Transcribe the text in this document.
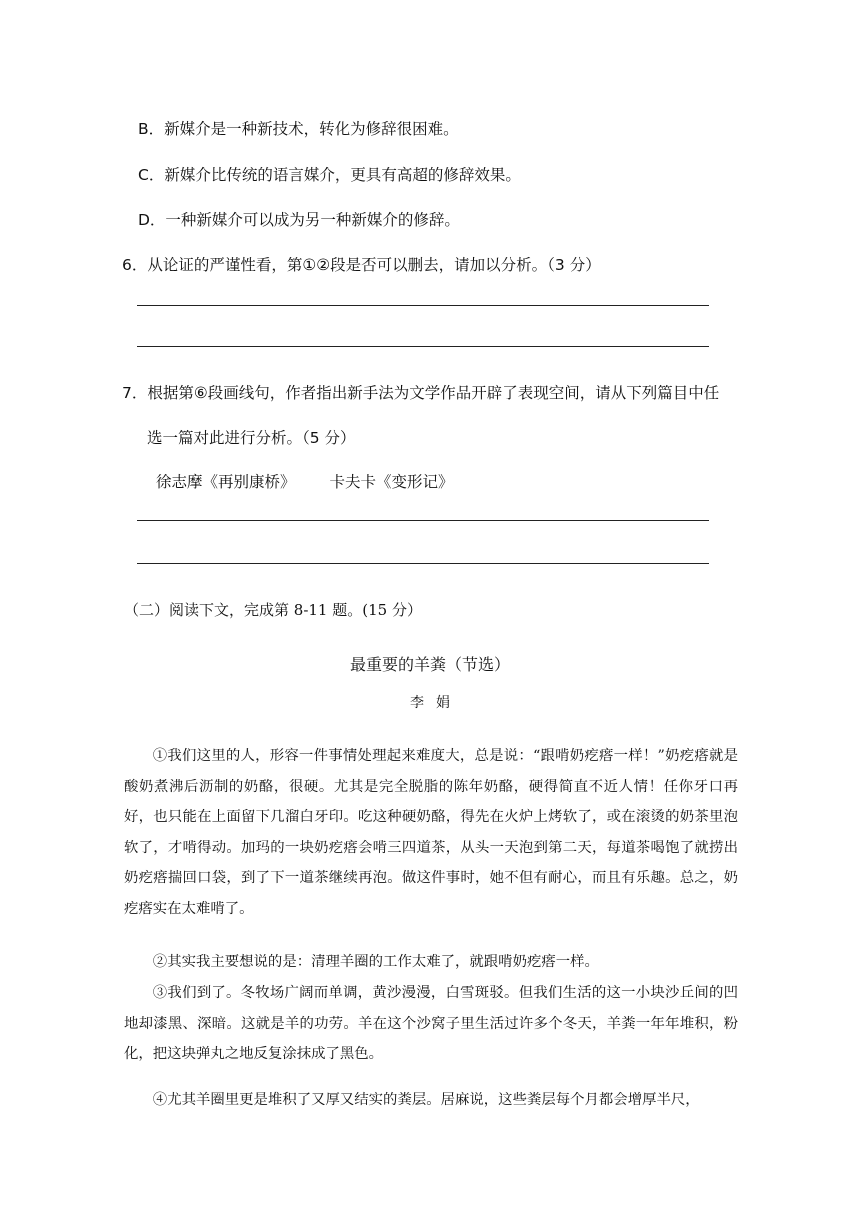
B．新媒介是一种新技术，转化为修辞很困难。
C．新媒介比传统的语言媒介，更具有高超的修辞效果。
D．一种新媒介可以成为另一种新媒介的修辞。
6．从论证的严谨性看，第①②段是否可以删去，请加以分析。（3 分）
7．根据第⑥段画线句，作者指出新手法为文学作品开辟了表现空间，请从下列篇目中任
选一篇对此进行分析。（5 分）
徐志摩《再别康桥》 卡夫卡《变形记》
（二）阅读下文，完成第 8-11 题。(15 分）
最重要的羊粪（节选）
李娟

①我们这里的人，形容一件事情处理起来难度大，总是说：“跟啃奶疙瘩一样！”奶疙瘩就是酸奶煮沸后沥制的奶酪，很硬。尤其是完全脱脂的陈年奶酪，硬得简直不近人情！任你牙口再好，也只能在上面留下几溜白牙印。吃这种硬奶酪，得先在火炉上烤软了，或在滚烫的奶茶里泡软了，才啃得动。加玛的一块奶疙瘩会啃三四道茶，从头一天泡到第二天，每道茶喝饱了就捞出奶疙瘩揣回口袋，到了下一道茶继续再泡。做这件事时，她不但有耐心，而且有乐趣。总之，奶疙瘩实在太难啃了。

②其实我主要想说的是：清理羊圈的工作太难了，就跟啃奶疙瘩一样。

③我们到了。冬牧场广阔而单调，黄沙漫漫，白雪斑驳。但我们生活的这一小块沙丘间的凹地却漆黑、深暗。这就是羊的功劳。羊在这个沙窝子里生活过许多个冬天，羊粪一年年堆积，粉化，把这块弹丸之地反复涂抹成了黑色。

④尤其羊圈里更是堆积了又厚又结实的粪层。居麻说，这些粪层每个月都会增厚半尺，
